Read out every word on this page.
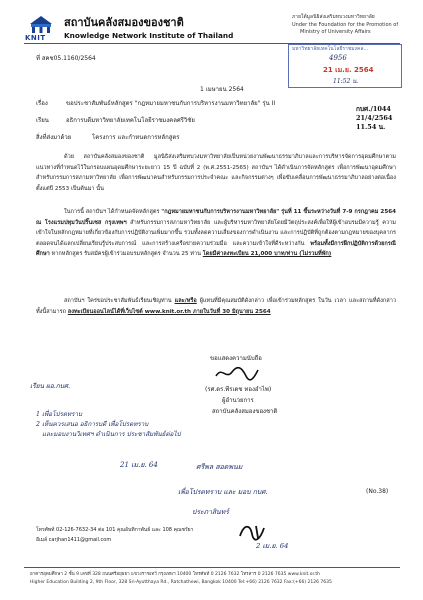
KNIT
สถาบันคลังสมองของชาติ
Knowledge Network Institute of Thailand
ภายใต้มูลนิธิส่งเสริมทบวงมหาวิทยาลัย
Under the Foundation for the Promotion of
Ministry of University Affairs
มหาวิทยาลัยเทคโนโลยีราชมงคล...
4956
21 เม.ย. 2564
11:52 น.
ที่ สคช05.1160/2564
1 เมษายน 2564
กบศ./1044
21/4/2564
11.54 น.
เรื่อง	ขอประชาสัมพันธ์หลักสูตร "กฎหมายมหาชนกับการบริหารงานมหาวิทยาลัย" รุ่น II
เรียน	อธิการบดีมหาวิทยาลัยเทคโนโลยีราชมงคลศรีวิชัย
สิ่งที่ส่งมาด้วย	โครงการ และกำหนดการหลักสูตร
ด้วย สถาบันคลังสมองของชาติ มูลนิธิส่งเสริมทบวงมหาวิทยาลัยเป็นหน่วยงานพัฒนาธรรมาภิบาลและการบริหารจัดการอุดมศึกษาตามแนวทางที่กำหนดไว้ในกรอบแผนอุดมศึกษาระยะยาว 15 ปี ฉบับที่ 2 (พ.ศ.2551-2565) สถาบันฯ ได้ดำเนินการจัดหลักสูตร เพื่อการพัฒนาอุดมศึกษาสำหรับกรรมการสภามหาวิทยาลัย เพื่อการพัฒนาคนสำหรับกรรมการประจำคณะ และกิจกรรมต่างๆ เพื่อขับเคลื่อนการพัฒนาธรรมาภิบาลอย่างต่อเนื่องตั้งแต่ปี 2553 เป็นต้นมา นั้น
ในการนี้ สถาบันฯ ได้กำหนดจัดหลักสูตร "กฎหมายมหาชนกับการบริหารงานมหาวิทยาลัย" รุ่นที่ 11 ขึ้นระหว่างวันที่ 7-9 กรกฎาคม 2564 ณ โรงแรมปทุมวันปริ๊นเซส กรุงเทพฯ สำหรับกรรมการสภามหาวิทยาลัย และผู้บริหารมหาวิทยาลัยโดยมีวัตถุประสงค์เพื่อให้ผู้เข้าอบรมมีความรู้ ความเข้าใจในหลักกฎหมายที่เกี่ยวข้องกับการปฏิบัติงานเพิ่มมากขึ้น รวมทั้งลดความเสี่ยงของการดำเนินงาน และการปฏิบัติที่ถูกต้องตามกฎหมายของบุคลากร ตลอดจนได้แลกเปลี่ยนเรียนรู้ประสบการณ์ และการสร้างเครือข่ายความร่วมมือ และความเข้าใจที่ดีระหว่างกัน พร้อมทั้งมีการฝึกปฏิบัติการด้วยกรณีศึกษา หากหลักสูตร รับสมัครผู้เข้าร่วมอบรมหลักสูตร จำนวน 25 ท่าน โดยมีค่าลงทะเบียน 21,000 บาท/ท่าน (ไม่รวมที่พัก)
สถาบันฯ ใคร่ขอประชาสัมพันธ์เรียนเชิญท่าน และ/หรือ ผู้แทนที่มีคุณสมบัติดังกล่าว เพื่อเข้าร่วมหลักสูตร ในวัน เวลา และสถานที่ดังกล่าว ทั้งนี้สามารถ ลงทะเบียนออนไลน์ได้ที่เว็บไซต์ www.knit.or.th ภายในวันที่ 30 มิถุนายน 2564
ขอแสดงความนับถือ
(รศ.ดร.พีรเดช ทองอำไพ)
ผู้อำนวยการ
สถาบันคลังสมองของชาติ
เรียน ผอ.กบศ.
1 เพื่อโปรดทราบ
2 เห็นควรเสนอ อธิการบดี เพื่อโปรดทราบ
และมอบงานวิเทศฯ ดำเนินการ ประชาสัมพันธ์ต่อไป
21 เม.ย. 64	ศรีพล สอดพนม
เพื่อโปรดทราบ และ มอบ กบศ.
ประภาสินทร์
(No.38)
2 เม.ย. 64
โทรศัพท์ 02-126-7632-34 ต่อ 101 คุณอันทิกาพันธ์ และ 108 คุณชรัยา
อีเมล์ carjhan1411@gmail.com
อาคารอุดมศึกษา 2 ชั้น 9 เลขที่ 328 ถนนศรีอยุธยา แขวงราชเทวี กรุงเทพฯ 10400 โทรศัพท์ 0 2126 7632 โทรสาร 0 2126 7635 www.knit.or.th
Higher Education Building 2, 9th Floor, 328 Sri-Ayutthaya Rd., Ratchathewi, Bangkok 10400 Tel:+66) 2126 7632 Fax:(+66) 2126 7635
